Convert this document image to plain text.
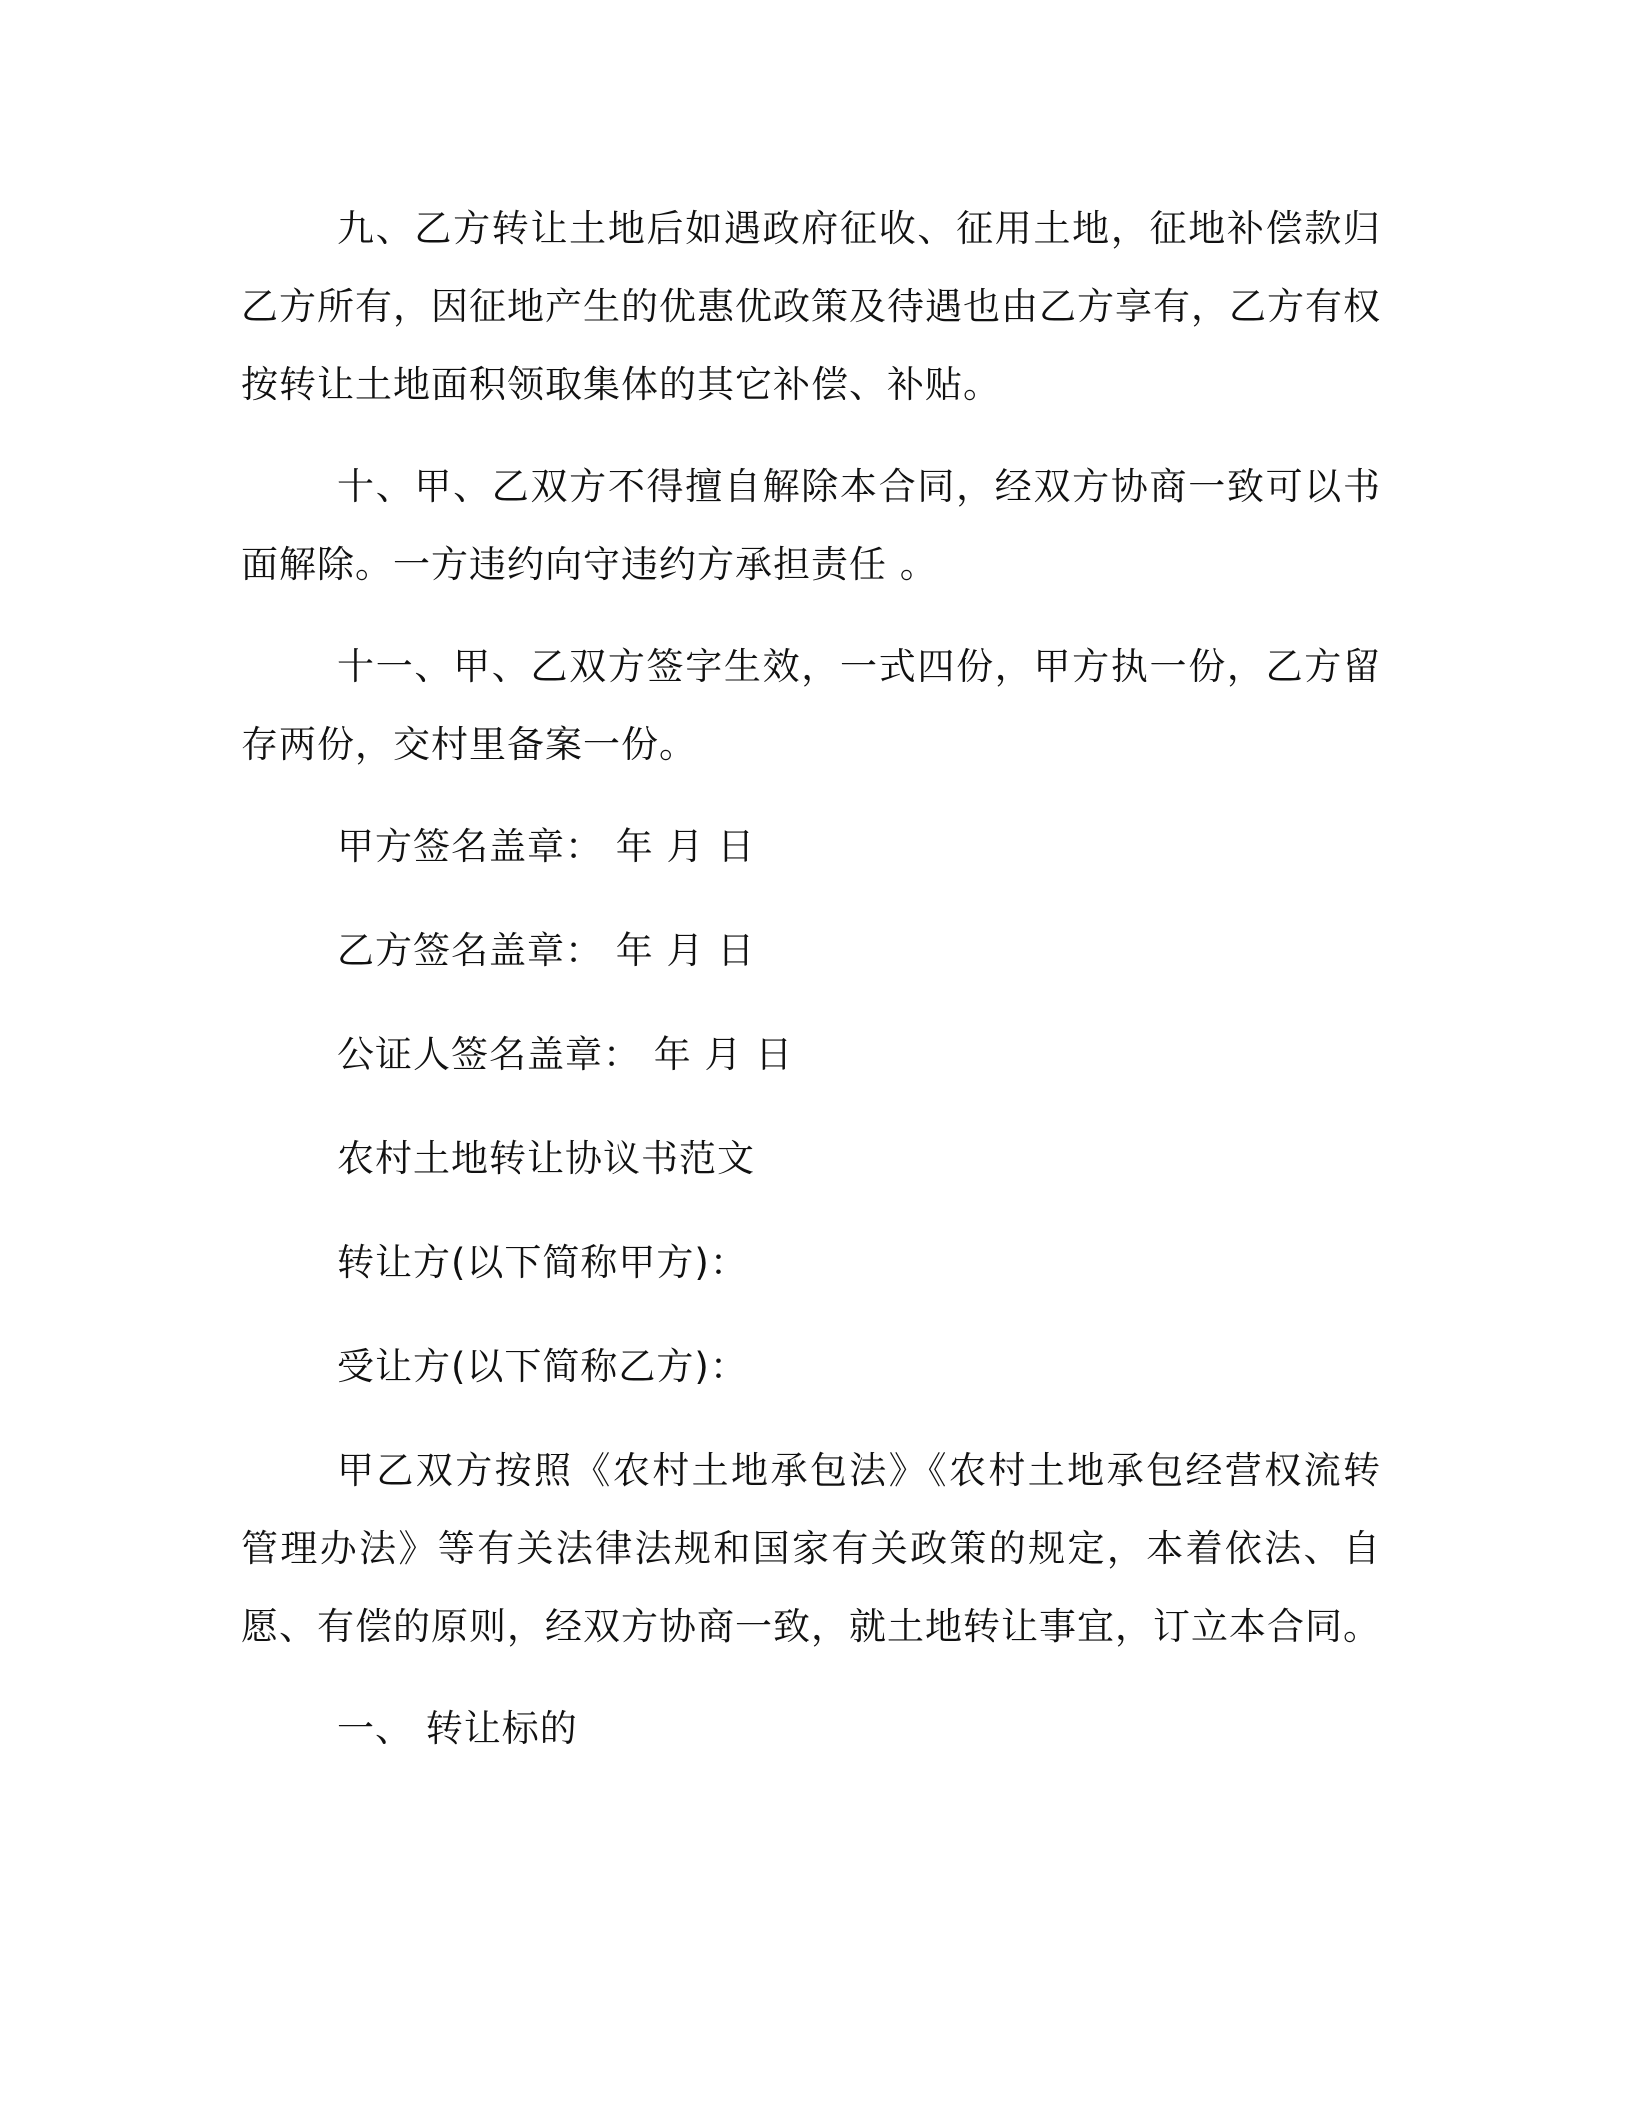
九、乙方转让土地后如遇政府征收、征用土地，征地补偿款归乙方所有，因征地产生的优惠优政策及待遇也由乙方享有，乙方有权按转让土地面积领取集体的其它补偿、补贴。

十、甲、乙双方不得擅自解除本合同，经双方协商一致可以书面解除。一方违约向守违约方承担责任 。

十一、甲、乙双方签字生效，一式四份，甲方执一份，乙方留存两份，交村里备案一份。

甲方签名盖章： 年 月 日

乙方签名盖章： 年 月 日

公证人签名盖章： 年 月 日

农村土地转让协议书范文

转让方(以下简称甲方)：

受让方(以下简称乙方)：

甲乙双方按照《农村土地承包法》《农村土地承包经营权流转管理办法》等有关法律法规和国家有关政策的规定，本着依法、自愿、有偿的原则，经双方协商一致，就土地转让事宜，订立本合同。

一、 转让标的
